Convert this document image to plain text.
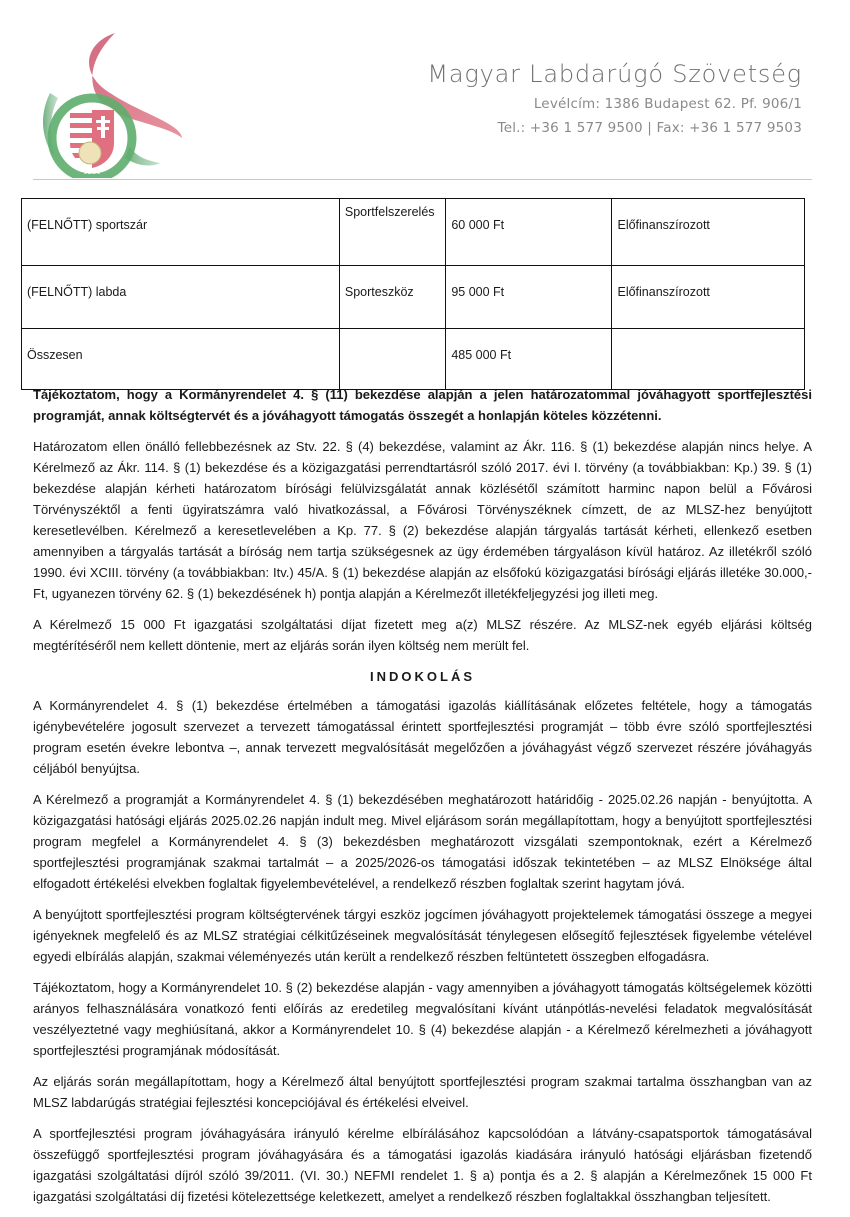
1901
Magyar Labdarúgó Szövetség
Levélcím: 1386 Budapest 62. Pf. 906/1
Tel.: +36 1 577 9500 | Fax: +36 1 577 9503
(FELNŐTT) sportszár	Sportfelszerelés	60 000 Ft	Előfinanszírozott
(FELNŐTT) labda	Sporteszköz	95 000 Ft	Előfinanszírozott
Összesen		485 000 Ft	

Tájékoztatom, hogy a Kormányrendelet 4. § (11) bekezdése alapján a jelen határozatommal jóváhagyott sportfejlesztési programját, annak költségtervét és a jóváhagyott támogatás összegét a honlapján köteles közzétenni.

Határozatom ellen önálló fellebbezésnek az Stv. 22. § (4) bekezdése, valamint az Ákr. 116. § (1) bekezdése alapján nincs helye. A Kérelmező az Ákr. 114. § (1) bekezdése és a közigazgatási perrendtartásról szóló 2017. évi I. törvény (a továbbiakban: Kp.) 39. § (1) bekezdése alapján kérheti határozatom bírósági felülvizsgálatát annak közlésétől számított harminc napon belül a Fővárosi Törvényszéktől a fenti ügyiratszámra való hivatkozással, a Fővárosi Törvényszéknek címzett, de az MLSZ-hez benyújtott keresetlevélben. Kérelmező a keresetlevelében a Kp. 77. § (2) bekezdése alapján tárgyalás tartását kérheti, ellenkező esetben amennyiben a tárgyalás tartását a bíróság nem tartja szükségesnek az ügy érdemében tárgyaláson kívül határoz. Az illetékről szóló 1990. évi XCIII. törvény (a továbbiakban: Itv.) 45/A. § (1) bekezdése alapján az elsőfokú közigazgatási bírósági eljárás illetéke 30.000,- Ft, ugyanezen törvény 62. § (1) bekezdésének h) pontja alapján a Kérelmezőt illetékfeljegyzési jog illeti meg.

A Kérelmező 15 000 Ft igazgatási szolgáltatási díjat fizetett meg a(z) MLSZ részére. Az MLSZ-nek egyéb eljárási költség megtérítéséről nem kellett döntenie, mert az eljárás során ilyen költség nem merült fel.

INDOKOLÁS

A Kormányrendelet 4. § (1) bekezdése értelmében a támogatási igazolás kiállításának előzetes feltétele, hogy a támogatás igénybevételére jogosult szervezet a tervezett támogatással érintett sportfejlesztési programját – több évre szóló sportfejlesztési program esetén évekre lebontva –, annak tervezett megvalósítását megelőzően a jóváhagyást végző szervezet részére jóváhagyás céljából benyújtsa.

A Kérelmező a programját a Kormányrendelet 4. § (1) bekezdésében meghatározott határidőig - 2025.02.26 napján - benyújtotta. A közigazgatási hatósági eljárás 2025.02.26 napján indult meg. Mivel eljárásom során megállapítottam, hogy a benyújtott sportfejlesztési program megfelel a Kormányrendelet 4. § (3) bekezdésben meghatározott vizsgálati szempontoknak, ezért a Kérelmező sportfejlesztési programjának szakmai tartalmát – a 2025/2026-os támogatási időszak tekintetében – az MLSZ Elnöksége által elfogadott értékelési elvekben foglaltak figyelembevételével, a rendelkező részben foglaltak szerint hagytam jóvá.

A benyújtott sportfejlesztési program költségtervének tárgyi eszköz jogcímen jóváhagyott projektelemek támogatási összege a megyei igényeknek megfelelő és az MLSZ stratégiai célkitűzéseinek megvalósítását ténylegesen elősegítő fejlesztések figyelembe vételével egyedi elbírálás alapján, szakmai véleményezés után került a rendelkező részben feltüntetett összegben elfogadásra.

Tájékoztatom, hogy a Kormányrendelet 10. § (2) bekezdése alapján - vagy amennyiben a jóváhagyott támogatás költségelemek közötti arányos felhasználására vonatkozó fenti előírás az eredetileg megvalósítani kívánt utánpótlás-nevelési feladatok megvalósítását veszélyeztetné vagy meghiúsítaná, akkor a Kormányrendelet 10. § (4) bekezdése alapján - a Kérelmező kérelmezheti a jóváhagyott sportfejlesztési programjának módosítását.

Az eljárás során megállapítottam, hogy a Kérelmező által benyújtott sportfejlesztési program szakmai tartalma összhangban van az MLSZ labdarúgás stratégiai fejlesztési koncepciójával és értékelési elveivel.

A sportfejlesztési program jóváhagyására irányuló kérelme elbírálásához kapcsolódóan a látvány-csapatsportok támogatásával összefüggő sportfejlesztési program jóváhagyására és a támogatási igazolás kiadására irányuló hatósági eljárásban fizetendő igazgatási szolgáltatási díjról szóló 39/2011. (VI. 30.) NEFMI rendelet 1. § a) pontja és a 2. § alapján a Kérelmezőnek 15 000 Ft igazgatási szolgáltatási díj fizetési kötelezettsége keletkezett, amelyet a rendelkező részben foglaltakkal összhangban teljesített.
